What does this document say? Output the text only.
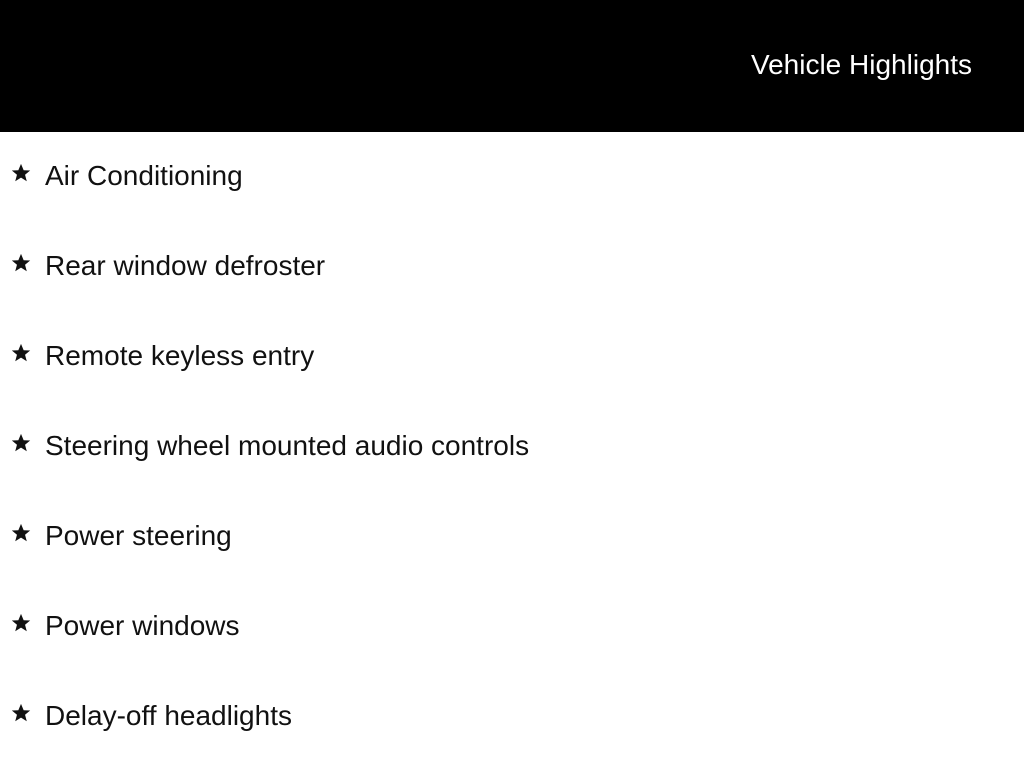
Vehicle Highlights
Air Conditioning
Rear window defroster
Remote keyless entry
Steering wheel mounted audio controls
Power steering
Power windows
Delay-off headlights
